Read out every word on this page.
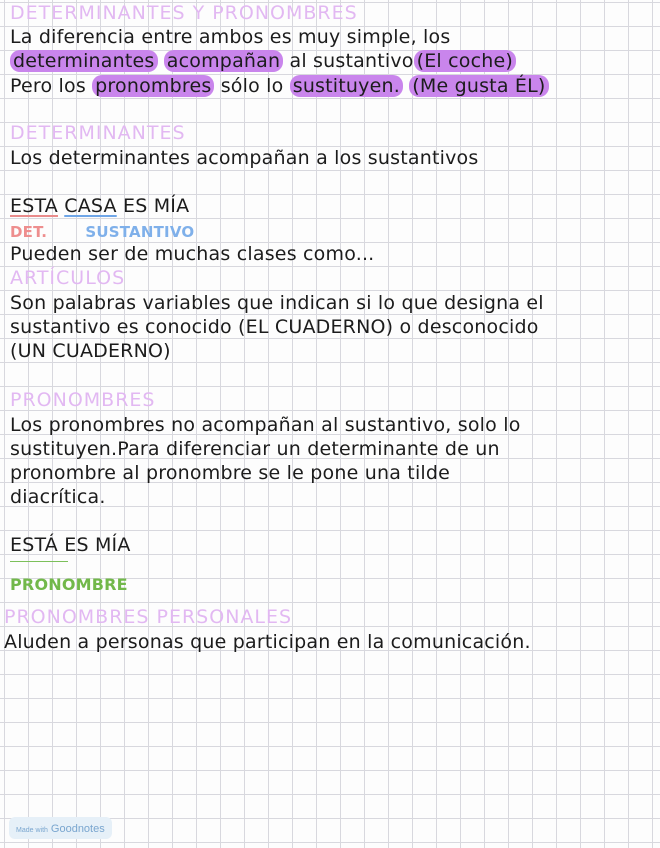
DETERMINANTES Y PRONOMBRES
La diferencia entre ambos es muy simple, los
determinantes acompañan al sustantivo (El coche)
Pero los pronombres sólo lo sustituyen. (Me gusta ÉL)
DETERMINANTES
Los determinantes acompañan a los sustantivos
ESTA CASA ES MÍA
DET.	SUSTANTIVO
Pueden ser de muchas clases como...
ARTÍCULOS
Son palabras variables que indican si lo que designa el
sustantivo es conocido (EL CUADERNO) o desconocido
(UN CUADERNO)
PRONOMBRES
Los pronombres no acompañan al sustantivo, solo lo
sustituyen.Para diferenciar un determinante de un
pronombre al pronombre se le pone una tilde
diacrítica.
ESTÁ ES MÍA
PRONOMBRE
PRONOMBRES PERSONALES
Aluden a personas que participan en la comunicación.
Made with Goodnotes
